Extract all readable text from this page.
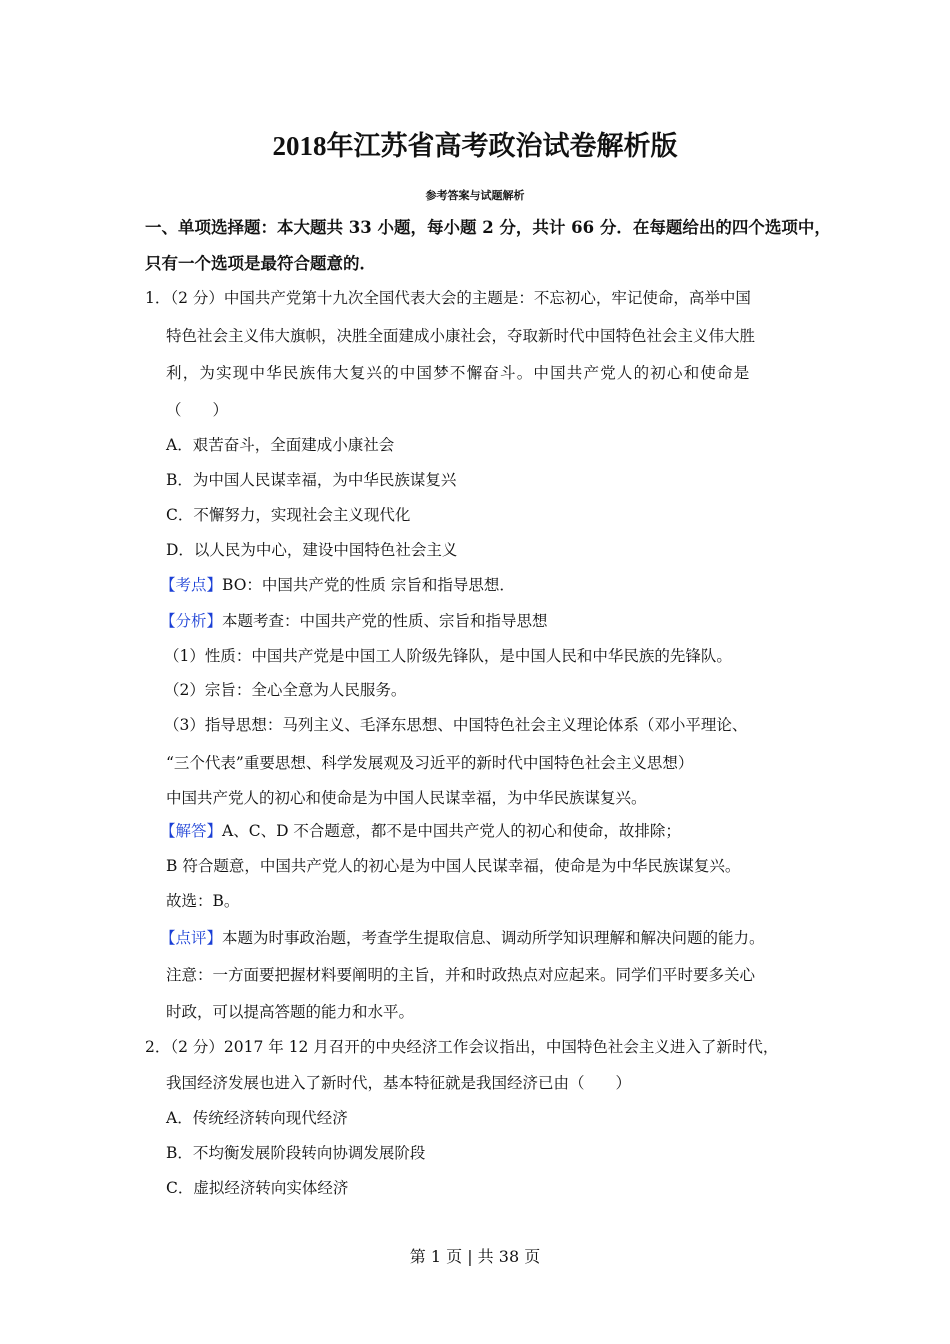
2018年江苏省高考政治试卷解析版
参考答案与试题解析
一、单项选择题：本大题共 33 小题，每小题 2 分，共计 66 分．在每题给出的四个选项中，
只有一个选项是最符合题意的．
1．（2 分）中国共产党第十九次全国代表大会的主题是：不忘初心，牢记使命，高举中国
特色社会主义伟大旗帜，决胜全面建成小康社会，夺取新时代中国特色社会主义伟大胜
利，为实现中华民族伟大复兴的中国梦不懈奋斗。中国共产党人的初心和使命是
（　　）
A．艰苦奋斗，全面建成小康社会
B．为中国人民谋幸福，为中华民族谋复兴
C．不懈努力，实现社会主义现代化
D．以人民为中心，建设中国特色社会主义
【考点】BO：中国共产党的性质 宗旨和指导思想．
【分析】本题考查：中国共产党的性质、宗旨和指导思想
（1）性质：中国共产党是中国工人阶级先锋队，是中国人民和中华民族的先锋队。
（2）宗旨：全心全意为人民服务。
（3）指导思想：马列主义、毛泽东思想、中国特色社会主义理论体系（邓小平理论、
“三个代表”重要思想、科学发展观及习近平的新时代中国特色社会主义思想）
中国共产党人的初心和使命是为中国人民谋幸福，为中华民族谋复兴。
【解答】A、C、D 不合题意，都不是中国共产党人的初心和使命，故排除；
B 符合题意，中国共产党人的初心是为中国人民谋幸福，使命是为中华民族谋复兴。
故选：B。
【点评】本题为时事政治题，考查学生提取信息、调动所学知识理解和解决问题的能力。
注意：一方面要把握材料要阐明的主旨，并和时政热点对应起来。同学们平时要多关心
时政，可以提高答题的能力和水平。
2．（2 分）2017 年 12 月召开的中央经济工作会议指出，中国特色社会主义进入了新时代，
我国经济发展也进入了新时代，基本特征就是我国经济已由（　　）
A．传统经济转向现代经济
B．不均衡发展阶段转向协调发展阶段
C．虚拟经济转向实体经济
第 1 页 | 共 38 页
